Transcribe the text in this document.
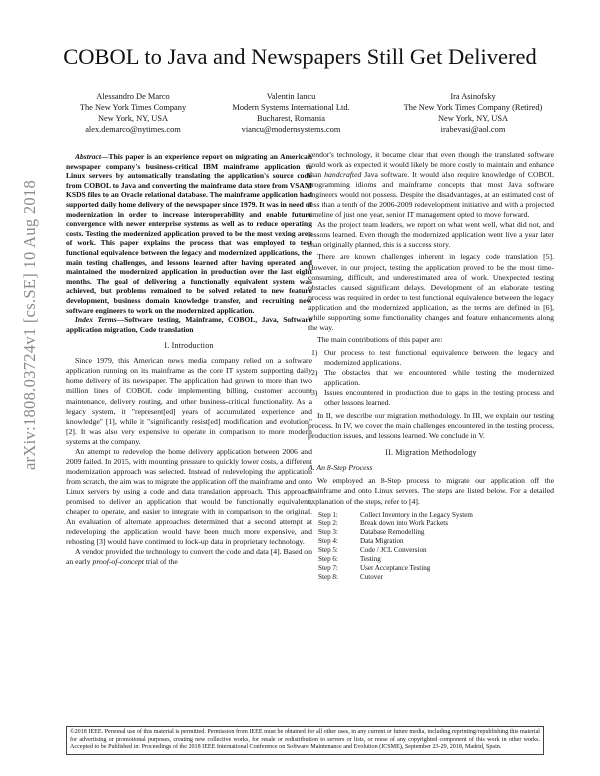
arXiv:1808.03724v1 [cs.SE] 10 Aug 2018
COBOL to Java and Newspapers Still Get Delivered
Alessandro De Marco
The New York Times Company
New York, NY, USA
alex.demarco@nytimes.com
Valentin Iancu
Modern Systems International Ltd.
Bucharest, Romania
viancu@modernsystems.com
Ira Asinofsky
The New York Times Company (Retired)
New York, NY, USA
irabevasi@aol.com

Abstract—This paper is an experience report on migrating an American newspaper company's business-critical IBM mainframe application to Linux servers by automatically translating the application's source code from COBOL to Java and converting the mainframe data store from VSAM KSDS files to an Oracle relational database. The mainframe application had supported daily home delivery of the newspaper since 1979. It was in need of modernization in order to increase interoperability and enable future convergence with newer enterprise systems as well as to reduce operating costs. Testing the modernized application proved to be the most vexing area of work. This paper explains the process that was employed to test functional equivalence between the legacy and modernized applications, the main testing challenges, and lessons learned after having operated and maintained the modernized application in production over the last eight months. The goal of delivering a functionally equivalent system was achieved, but problems remained to be solved related to new feature development, business domain knowledge transfer, and recruiting new software engineers to work on the modernized application.

Index Terms—Software testing, Mainframe, COBOL, Java, Software application migration, Code translation

I. Introduction

Since 1979, this American news media company relied on a software application running on its mainframe as the core IT system supporting daily home delivery of its newspaper. The application had grown to more than two million lines of COBOL code implementing billing, customer account maintenance, delivery routing, and other business-critical functionality. As a legacy system, it "represent[ed] years of accumulated experience and knowledge" [1], while it "significantly resist[ed] modification and evolution" [2]. It was also very expensive to operate in comparison to more modern systems at the company.

An attempt to redevelop the home delivery application between 2006 and 2009 failed. In 2015, with mounting pressure to quickly lower costs, a different modernization approach was selected. Instead of redeveloping the application from scratch, the aim was to migrate the application off the mainframe and onto Linux servers by using a code and data translation approach. This approach promised to deliver an application that would be functionally equivalent, cheaper to operate, and easier to integrate with in comparison to the original. An evaluation of alternate approaches determined that a second attempt at redeveloping the application would have been much more expensive, and rehosting [3] would have continued to lock-up data in proprietary technology.

A vendor provided the technology to convert the code and data [4]. Based on an early proof-of-concept trial of the

vendor's technology, it became clear that even though the translated software could work as expected it would likely be more costly to maintain and enhance than handcrafted Java software. It would also require knowledge of COBOL programming idioms and mainframe concepts that most Java software engineers would not possess. Despite the disadvantages, at an estimated cost of less than a tenth of the 2006-2009 redevelopment initiative and with a projected timeline of just one year, senior IT management opted to move forward.

As the project team leaders, we report on what went well, what did not, and lessons learned. Even though the modernized application went live a year later than originally planned, this is a success story.

There are known challenges inherent in legacy code translation [5]. However, in our project, testing the application proved to be the most time-consuming, difficult, and underestimated area of work. Unexpected testing obstacles caused significant delays. Development of an elaborate testing process was required in order to test functional equivalence between the legacy application and the modernized application, as the terms are defined in [6], while supporting some functionality changes and feature enhancements along the way.

The main contributions of this paper are:

1) Our process to test functional equivalence between the legacy and modernized applications.
2) The obstacles that we encountered while testing the modernized application.
3) Issues encountered in production due to gaps in the testing process and other lessons learned.

In II, we describe our migration methodology. In III, we explain our testing process. In IV, we cover the main challenges encountered in the testing process, production issues, and lessons learned. We conclude in V.

II. Migration Methodology
A. An 8-Step Process

We employed an 8-Step process to migrate our application off the mainframe and onto Linux servers. The steps are listed below. For a detailed explanation of the steps, refer to [4].

Step 1:	Collect Inventory in the Legacy System
Step 2:	Break down into Work Packets
Step 3:	Database Remodelling
Step 4:	Data Migration
Step 5:	Code / JCL Conversion
Step 6:	Testing
Step 7:	User Acceptance Testing
Step 8:	Cutover
©2018 IEEE. Personal use of this material is permitted. Permission from IEEE must be obtained for all other uses, in any current or future media, including reprinting/republishing this material for advertising or promotional purposes, creating new collective works, for resale or redistribution to servers or lists, or reuse of any copyrighted component of this work in other works. Accepted to be Published in: Proceedings of the 2018 IEEE International Conference on Software Maintenance and Evolution (ICSME), September 23-29, 2018, Madrid, Spain.
